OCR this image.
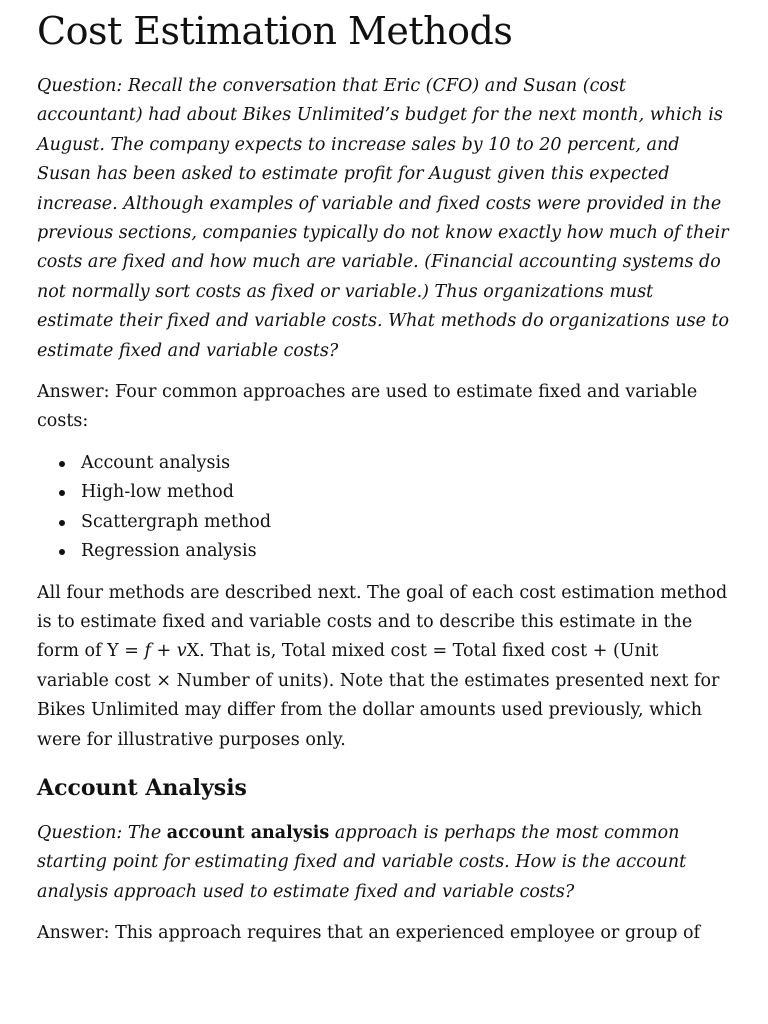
Cost Estimation Methods

Question: Recall the conversation that Eric (CFO) and Susan (cost accountant) had about Bikes Unlimited’s budget for the next month, which is August. The company expects to increase sales by 10 to 20 percent, and Susan has been asked to estimate profit for August given this expected increase. Although examples of variable and fixed costs were provided in the previous sections, companies typically do not know exactly how much of their costs are fixed and how much are variable. (Financial accounting systems do not normally sort costs as fixed or variable.) Thus organizations must estimate their fixed and variable costs. What methods do organizations use to estimate fixed and variable costs?

Answer: Four common approaches are used to estimate fixed and variable costs:

Account analysis
High-low method
Scattergraph method
Regression analysis

All four methods are described next. The goal of each cost estimation method is to estimate fixed and variable costs and to describe this estimate in the form of Y = f + vX. That is, Total mixed cost = Total fixed cost + (Unit variable cost × Number of units). Note that the estimates presented next for Bikes Unlimited may differ from the dollar amounts used previously, which were for illustrative purposes only.

Account Analysis

Question: The account analysis approach is perhaps the most common starting point for estimating fixed and variable costs. How is the account analysis approach used to estimate fixed and variable costs?

Answer: This approach requires that an experienced employee or group of
